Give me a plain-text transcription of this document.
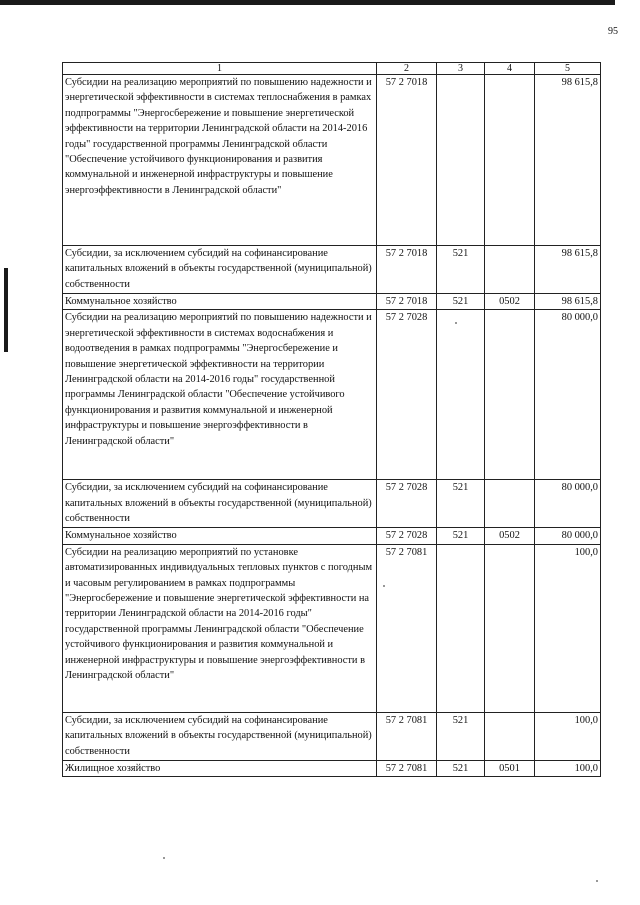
95
1	2	3	4	5
Субсидии на реализацию мероприятий по повышению надежности и энергетической эффективности в системах теплоснабжения в рамках подпрограммы "Энергосбережение и повышение энергетической эффективности на территории Ленинградской области на 2014-2016 годы" государственной программы Ленинградской области "Обеспечение устойчивого функционирования и развития коммунальной и инженерной инфраструктуры и повышение энергоэффективности в Ленинградской области"	57 2 7018			98 615,8
Субсидии, за исключением субсидий на софинансирование капитальных вложений в объекты государственной (муниципальной) собственности	57 2 7018	521		98 615,8
Коммунальное хозяйство	57 2 7018	521	0502	98 615,8
Субсидии на реализацию мероприятий по повышению надежности и энергетической эффективности в системах водоснабжения и водоотведения в рамках подпрограммы "Энергосбережение и повышение энергетической эффективности на территории Ленинградской области на 2014-2016 годы" государственной программы Ленинградской области "Обеспечение устойчивого функционирования и развития коммунальной и инженерной инфраструктуры и повышение энергоэффективности в Ленинградской области"	57 2 7028			80 000,0
Субсидии, за исключением субсидий на софинансирование капитальных вложений в объекты государственной (муниципальной) собственности	57 2 7028	521		80 000,0
Коммунальное хозяйство	57 2 7028	521	0502	80 000,0
Субсидии на реализацию мероприятий по установке автоматизированных индивидуальных тепловых пунктов с погодным и часовым регулированием в рамках подпрограммы "Энергосбережение и повышение энергетической эффективности на территории Ленинградской области на 2014-2016 годы" государственной программы Ленинградской области "Обеспечение устойчивого функционирования и развития коммунальной и инженерной инфраструктуры и повышение энергоэффективности в Ленинградской области"	57 2 7081			100,0
Субсидии, за исключением субсидий на софинансирование капитальных вложений в объекты государственной (муниципальной) собственности	57 2 7081	521		100,0
Жилищное хозяйство	57 2 7081	521	0501	100,0
